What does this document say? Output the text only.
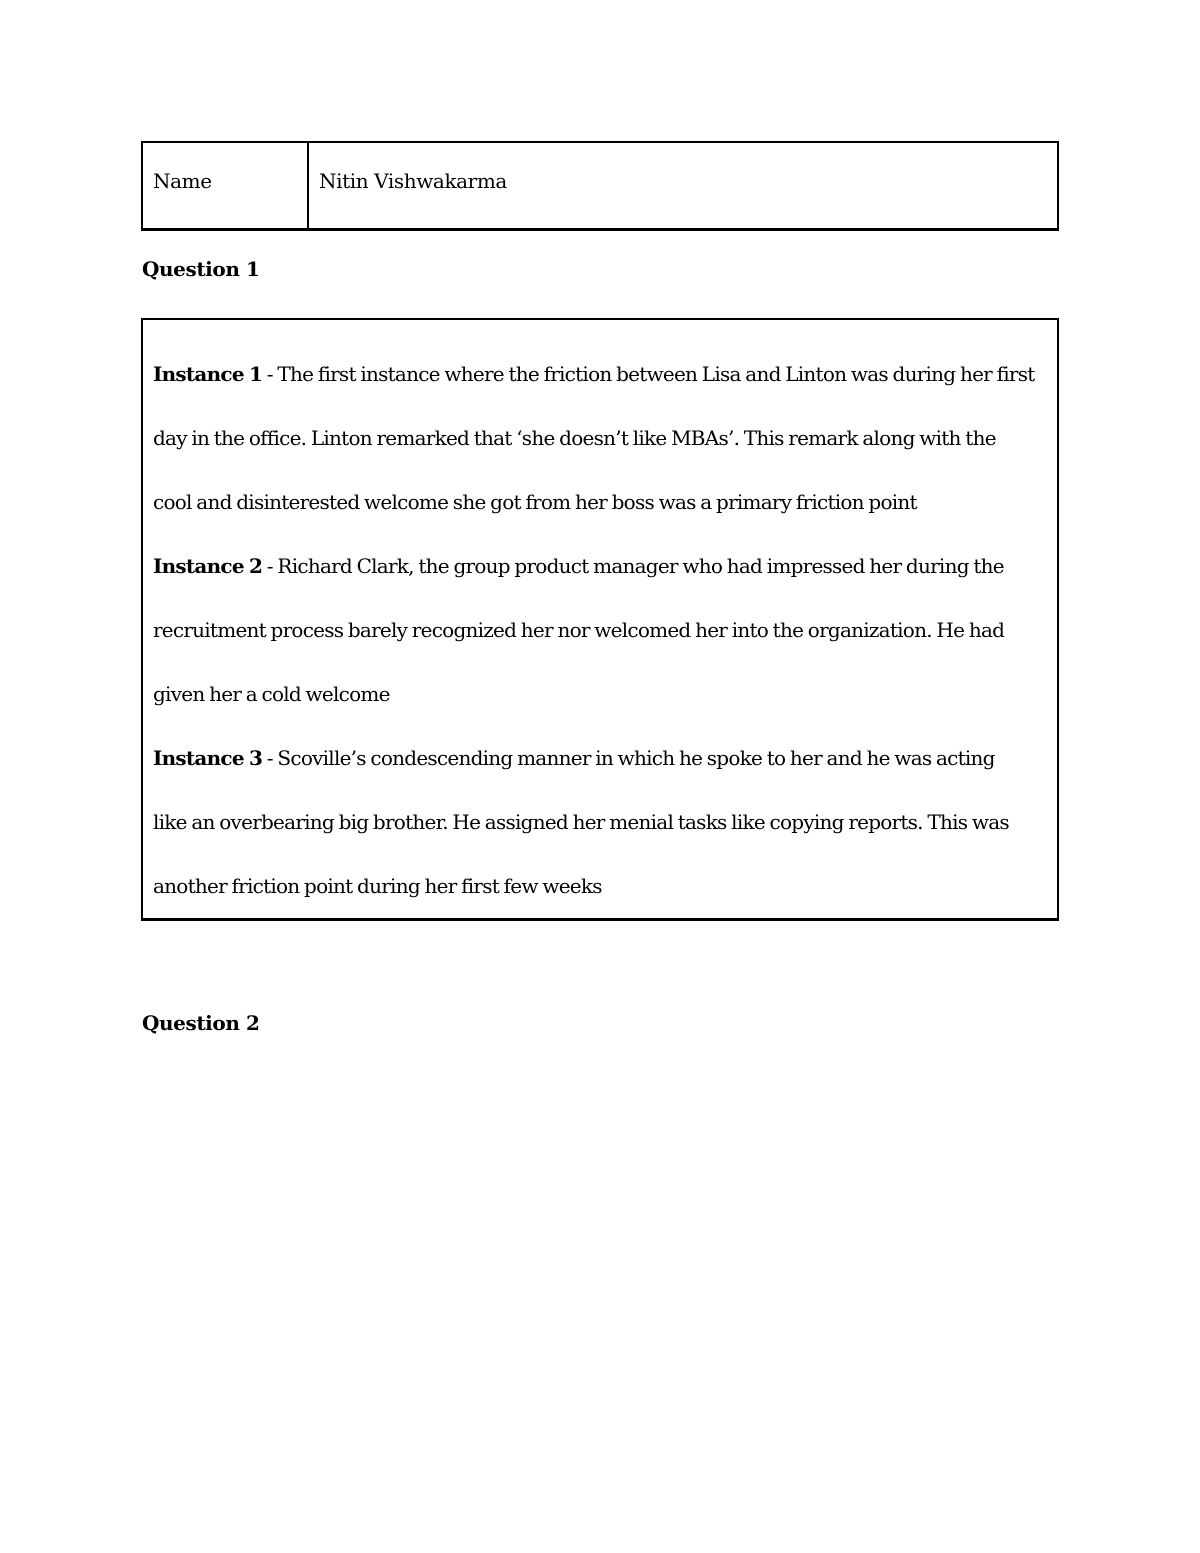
Name	Nitin Vishwakarma
Question 1
Instance 1 - The first instance where the friction between Lisa and Linton was during her first
day in the office. Linton remarked that ‘she doesn’t like MBAs’. This remark along with the
cool and disinterested welcome she got from her boss was a primary friction point
Instance 2 - Richard Clark, the group product manager who had impressed her during the
recruitment process barely recognized her nor welcomed her into the organization. He had
given her a cold welcome
Instance 3 - Scoville’s condescending manner in which he spoke to her and he was acting
like an overbearing big brother. He assigned her menial tasks like copying reports. This was
another friction point during her first few weeks
Question 2
